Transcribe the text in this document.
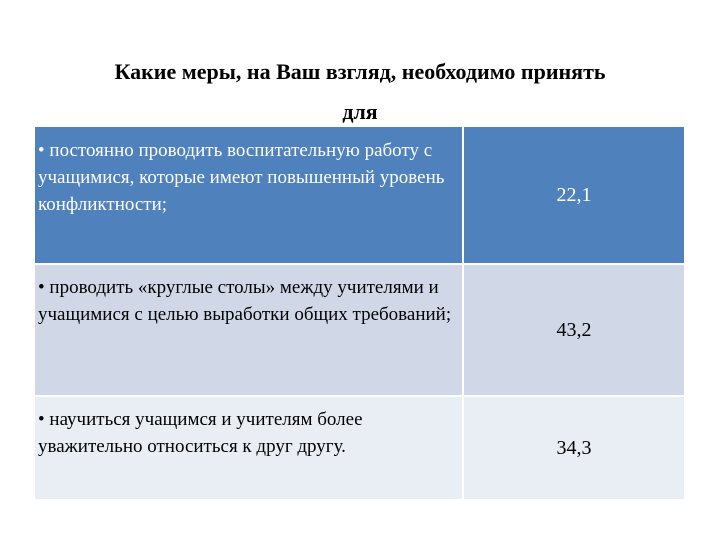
Какие меры, на Ваш взгляд, необходимо принять
для
• постоянно проводить воспитательную работу с учащимися, которые имеют повышенный уровень конфликтности;	22,1
• проводить «круглые столы» между учителями и учащимися с целью выработки общих требований;
43,2
• научиться учащимся и учителям более уважительно относиться к друг другу.	34,3
